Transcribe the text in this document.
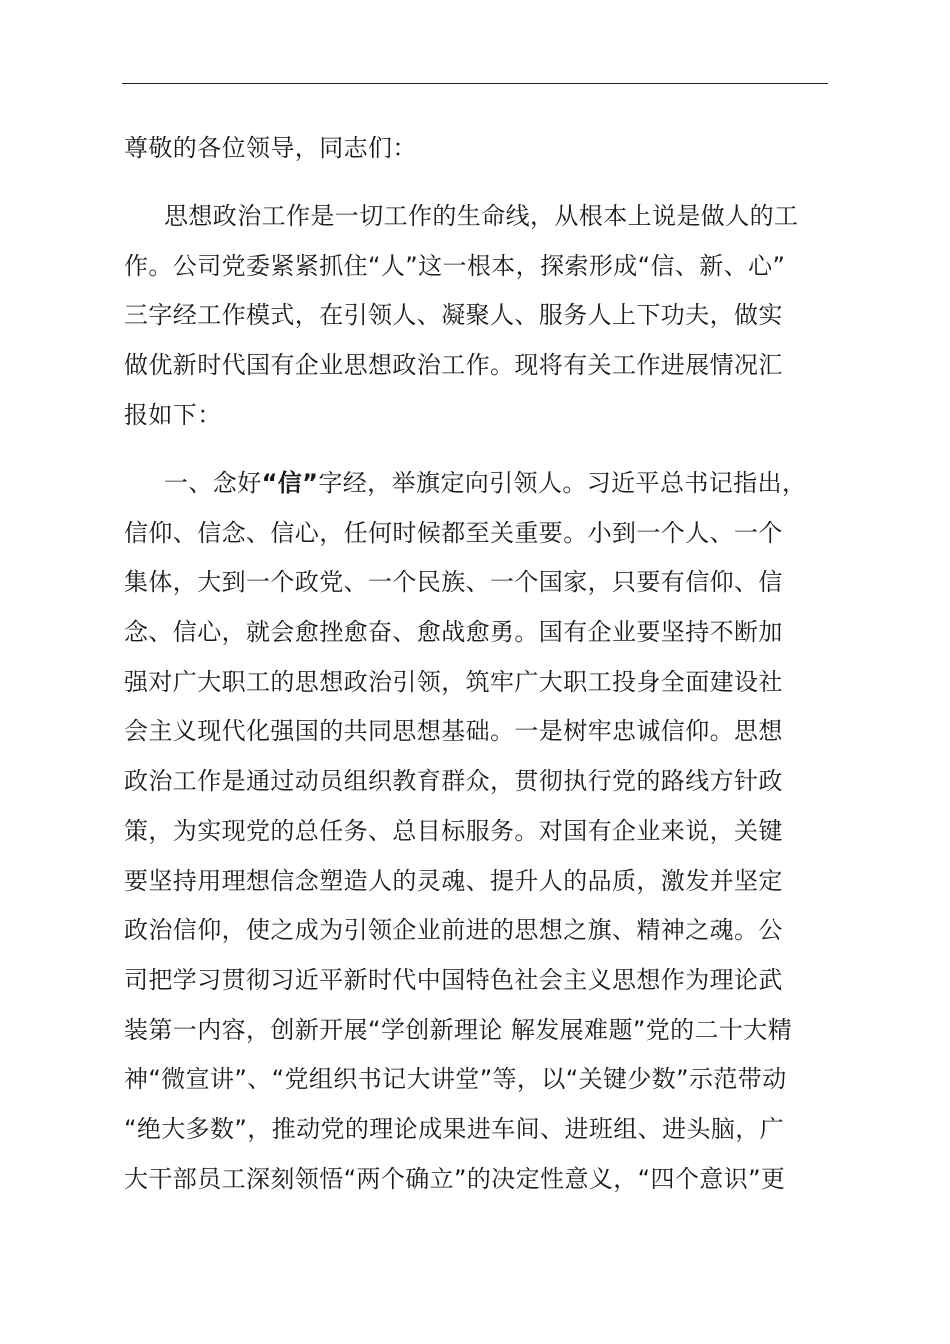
尊敬的各位领导，同志们：
思想政治工作是一切工作的生命线，从根本上说是做人的工
作。公司党委紧紧抓住“人”这一根本，探索形成“信、新、心”
三字经工作模式，在引领人、凝聚人、服务人上下功夫，做实
做优新时代国有企业思想政治工作。现将有关工作进展情况汇
报如下：
一、念好“信”字经，举旗定向引领人。习近平总书记指出，
信仰、信念、信心，任何时候都至关重要。小到一个人、一个
集体，大到一个政党、一个民族、一个国家，只要有信仰、信
念、信心，就会愈挫愈奋、愈战愈勇。国有企业要坚持不断加
强对广大职工的思想政治引领，筑牢广大职工投身全面建设社
会主义现代化强国的共同思想基础。一是树牢忠诚信仰。思想
政治工作是通过动员组织教育群众，贯彻执行党的路线方针政
策，为实现党的总任务、总目标服务。对国有企业来说，关键
要坚持用理想信念塑造人的灵魂、提升人的品质，激发并坚定
政治信仰，使之成为引领企业前进的思想之旗、精神之魂。公
司把学习贯彻习近平新时代中国特色社会主义思想作为理论武
装第一内容，创新开展“学创新理论 解发展难题”党的二十大精
神“微宣讲”、“党组织书记大讲堂”等，以“关键少数”示范带动
“绝大多数”，推动党的理论成果进车间、进班组、进头脑，广
大干部员工深刻领悟“两个确立”的决定性意义，“四个意识”更
